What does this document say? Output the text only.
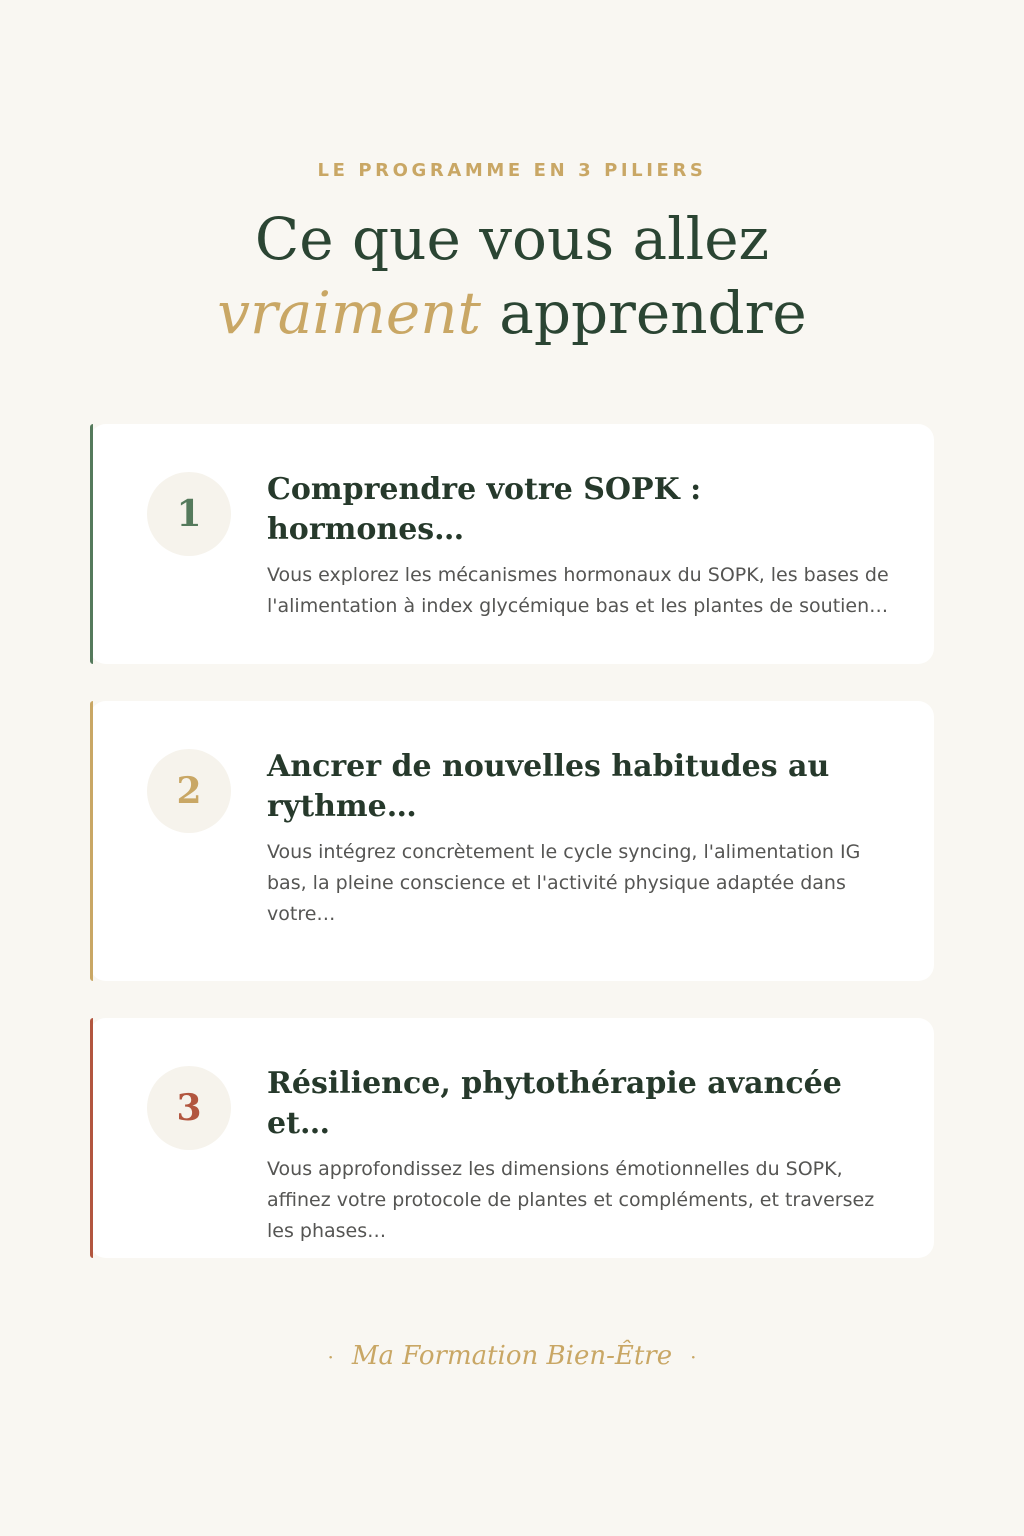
LE PROGRAMME EN 3 PILIERS
Ce que vous allez
vraiment apprendre
1
Comprendre votre SOPK : hormones…

Vous explorez les mécanismes hormonaux du SOPK, les bases de l'alimentation à index glycémique bas et les plantes de soutien…

2
Ancrer de nouvelles habitudes au rythme…

Vous intégrez concrètement le cycle syncing, l'alimentation IG bas, la pleine conscience et l'activité physique adaptée dans votre…

3
Résilience, phytothérapie avancée et…

Vous approfondissez les dimensions émotionnelles du SOPK, affinez votre protocole de plantes et compléments, et traversez les phases…

· Ma Formation Bien-Être ·
